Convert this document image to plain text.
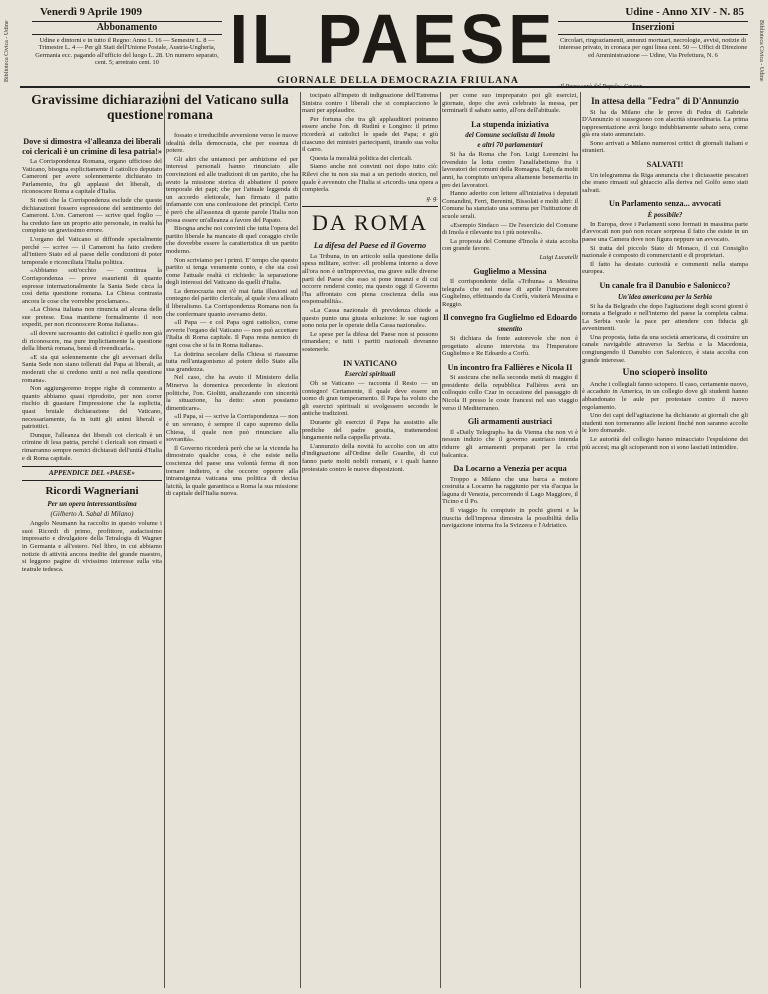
Biblioteca Civica - Udine	Biblioteca Civica - Udine
Venerdì 9 Aprile 1909	Udine - Anno XIV - N. 85
Abbonamento
Udine e dintorni e in tutto il Regno: Anno L. 16 — Semestre L. 8 — Trimestre L. 4 — Per gli Stati dell'Unione Postale, Austria-Ungheria, Germania ecc. pagando all'ufficio del luogo L. 28. Un numero separato, cent. 5; arretrato cent. 10	IL PAESE	Inserzioni
Circolari, ringraziamenti, annunzi mortuari, necrologie, avvisi, notizie di interesse privato, in cronaca per ogni linea cent. 50 — Uffici di Direzione ed Amministrazione — Udine, Via Prefettura, N. 6
GIORNALE DELLA DEMOCRAZIA FRIULANA
«Il Paese sarà del Popolo» Cavour
Dove si dimostra «l'alleanza dei liberali coi clericali è un crimine di lesa patria!»

La Corrispondenza Romana, organo ufficioso del Vaticano, bisogna esplicitamente il cattolico deputato Cameroni per avere solennemente dichiarato in Parlamento, fra gli applausi dei liberali, di riconoscere Roma a capitale d'Italia.

Si noti che la Corrispondenza esclude che queste dichiarazioni fossero espressione del sentimento del Cameroni. L'on. Cameroni — scrive quel foglio — ha creduto fare un proprio atto personale, in realtà ha compiuto un gravissimo errore.

L'organo del Vaticano si diffonde specialmente perché — scrive — il Cameroni ha fatto credere all'intiero Stato ed al paese delle condizioni di poter temporale e riconciliata l'Italia politica.

«Abbiamo sott'occhio — continua la Corrispondenza — prove esaurienti di quanto espresse internazionalmente la Santa Sede circa la così detta questione romana. La Chiesa contrasta ancora le cose che vorrebbe proclamare».

«La Chiesa italiana non rinuncia ad alcuna delle sue pretese. Essa mantiene formalmente il non expedit, per non riconoscere Roma italiana».

«Il dovere sacrosanto dei cattolici è quello non già di riconoscere, ma pure implicitamente la questione della libertà romana, bensì di rivendicarla».

«E sia qui solennemente che gli avversari della Santa Sede non siano tollerati dal Papa ai liberali, ai moderati che si credono uniti a noi nella questione romana».

Non aggiungeremo troppe righe di commento a quanto abbiamo quasi riprodotto, per non correr rischio di guastare l'impressione che la esplicita, quasi brutale dichiarazione del Vaticano, necessariamente, fa in tutti gli animi liberali e patriottici.

Dunque, l'alleanza dei liberali coi clericali è un crimine di lesa patria, perché i clericali son rimasti e rimarranno sempre nemici dichiarati dell'unità d'Italia e di Roma capitale.

APPENDICE DEL «PAESE»
Ricordi Wagneriani
Per un opera interessantissima
(Gilberto A. Sabal di Milano)

Angelo Neumann ha raccolto in questo volume i suoi Ricordi di primo, profittore, audacissimo impresario e divulgatore della Tetralogia di Wagner in Germania e all'estero. Nel libro, in cui abbiamo notizie di attività ancora inedite del grande maestro, si leggono pagine di vivissimo interesse sulla vita teatrale tedesca.

Gravissime dichiarazioni del Vaticano sulla questione romana

fossato e irreducibile avversione verso le nuove idealità della democrazia, che per essenza di potere.

Gli altri che uniamoci per ambizione ed per interessi personali hanno rinunciato alle convinzioni ed alle tradizioni di un partito, che ha avuto la missione storica di abbattere il potere temporale dei papi; che per l'attuale leggenda di un accordo elettorale, han firmato il patto infamante con una confessione dei principî. Certo è però che all'assenza di queste parole l'Italia non possa essere un'alleanza a favore del Papato.

Bisogna anche noi convinti che tutta l'opera del partito liberale ha mancato di quel coraggio civile che dovrebbe essere la caratteristica di un partito moderno.

Non scriviamo per i primi. E' tempo che questo partito si tenga veramente conto, e che sia così come l'attuale realtà ci richiede: la separazione degli interessi del Vaticano da quelli d'Italia.

La democrazia non s'è mai fatta illusioni sul contegno del partito clericale, al quale s'era alleato il liberalismo. La Corrispondenza Romana non fa che confermare quanto avevamo detto.

«Il Papa — e col Papa ogni cattolico, come avverte l'organo del Vaticano — non può accettare l'Italia di Roma capitale. Il Papa resta nemico di ogni cosa che si fa in Roma italiana».

La dottrina secolare della Chiesa si riassume tutta nell'antagonismo al potere dello Stato alla sua grandezza.

Nel caso, che ha avuto il Ministero della Minerva la domenica precedente lo elezioni politiche, l'on. Giolitti, analizzando con sincerità la situazione, ha detto: «non possiamo dimenticare».

«Il Papa, sì — scrive la Corrispondenza — non è un sovrano, è sempre il capo supremo della Chiesa, il quale non può rinunciare alla sovranità».

Il Governo ricorderà però che se la vicenda ha dimostrato qualche cosa, è che esiste nella coscienza del paese una volontà ferma di non tornare indietro, e che occorre opporre alla intransigenza vaticana una politica di decisa laicità, la quale garantisca a Roma la sua missione di capitale dell'Italia nuova.

tocipato all'impeto di indignazione dell'Estrema Sinistra contro i liberali che si compiacciono le mani per applaudire.

Per fortuna che tra gli applauditori potranno essere anche l'on. di Rudinì e Longino: il primo ricorderà ai cattolici le spade dei Papa; e giù ciascuno dei ministri partecipanti, tirando sua volta il carro.

Questa la moralità politica dei clericali.

Siamo anche noi convinti noi dopo tutto ciò: Rilevi che tu non sia mai a un periodo storico, nel quale è avvenuto che l'Italia si «ricordi» una opera a compierla.

g. g.
DA ROMA
La difesa del Paese ed il Governo

La Tribuna, in un articolo sulla questione della spesa militare, scrive: «Il problema intorno a dove all'ora non è un'improvvisa, ma grave sulle diverse parti del Paese che esso si pone innanzi e di cui occorre rendersi conto; ma questo oggi il Governo l'ha affrontato con piena coscienza della sua responsabilità».

«La Cassa nazionale di previdenza chiede a questo punto una giusta soluzione: le sue ragioni sono nota per le operaie della Cassa nazionale».

Le spese per la difesa del Paese non si possono rimandare; e tutti i partiti nazionali dovranno sostenerle.

IN VATICANO
Esercizi spirituali

Oh se Vaticano — racconta il Resto — un contegno! Certamente, il quale deve essere un uomo di gran temperamento. Il Papa ha voluto che gli esercizi spirituali si svolgessero secondo le antiche tradizioni.

Durante gli esercizi il Papa ha assistito alle prediche del padre gesuita, trattenendosi lungamente nella cappella privata.

L'annunzio della novità fu accolto con un atto d'indignazione all'Ordine delle Guardie, di cui fanno parte molti nobili romani, e i quali hanno protestato contro le nuove disposizioni.

per come suo impreparato poi gli esercizi, giornate, dopo che avrà celebrato la messa, per terminarli il sabato santo, all'ora dell'abituale.

La stupenda iniziativa
del Comune socialista di Imola
e altri 70 parlamentari

Si ha da Roma che l'on. Luigi Lorenzini ha rivenduto la lotta contro l'analfabetismo fra i lavoratori dei comuni della Romagna. Egli, da molti anni, ha compiuto un'opera altamente benemerita in pro dei lavoratori.

Hanno aderito con lettere all'iniziativa i deputati Comandini, Ferri, Berenini, Bissolati e molti altri: il Comune ha stanziato una somma per l'istituzione di scuole serali.

«Esempio Sindaco — De l'esercizio del Comune di Imola è rilevante tra i più notevoli».

La proposta del Comune d'Imola è stata accolta con grande favore.

Luigi Lucatelli
Guglielmo a Messina

Il corrispondente della «Tribuna» a Messina telegrafa che nel mese di aprile l'imperatore Guglielmo, effettuando da Corfù, visiterà Messina e Reggio.

Il convegno fra Guglielmo ed Edoardo
smentito

Si dichiara da fonte autorevole che non è progettato alcuno intervista tra l'Imperatore Guglielmo e Re Edoardo a Corfù.

Un incontro fra Fallières e Nicola II

Si assicura che nella seconda metà di maggio il presidente della repubblica Fallières avrà un colloquio collo Czar in occasione del passaggio di Nicola II presso le coste francesi nel suo viaggio verso il Mediterraneo.

Gli armamenti austriaci

Il «Daily Telegraph» ha da Vienna che non vi è nessun indizio che il governo austriaco intenda ridurre gli armamenti preparati per la crisi balcanica.

Da Locarno a Venezia per acqua

Troppo a Milano che una barca a motore costruita a Locarno ha raggiunto per via d'acqua la laguna di Venezia, percorrendo il Lago Maggiore, il Ticino e il Po.

Il viaggio fu compiuto in pochi giorni e la riuscita dell'impresa dimostra la possibilità della navigazione interna fra la Svizzera e l'Adriatico.

In attesa della "Fedra" di D'Annunzio

Si ha da Milano che le prove di Fedra di Gabriele D'Annunzio si susseguono con alacrità straordinaria. La prima rappresentazione avrà luogo indubbiamente sabato sera, come già era stato annunciato.

Sono arrivati a Milano numerosi critici di giornali italiani e stranieri.

SALVATI!

Un telegramma da Riga annuncia che i diciassette pescatori che erano rimasti sul ghiaccio alla deriva nel Golfo sono stati salvati.

Un Parlamento senza... avvocati
È possibile?

In Europa, dove i Parlamenti sono formati in massima parte d'avvocati non può non recare sorpresa il fatto che esiste in un paese una Camera dove non figura neppure un avvocato.

Si tratta del piccolo Stato di Monaco, il cui Consiglio nazionale è composto di commercianti e di proprietari.

Il fatto ha destato curiosità e commenti nella stampa europea.

Un canale fra il Danubio e Salonicco?
Un'idea americana per la Serbia

Si ha da Belgrado che dopo l'agitazione degli scorsi giorni è tornata a Belgrado e nell'interno del paese la completa calma. La Serbia vuole la pace per attendere con fiducia gli avvenimenti.

Una proposta, fatta da una società americana, di costruire un canale navigabile attraverso la Serbia e la Macedonia, congiungendo il Danubio con Salonicco, è stata accolta con grande interesse.

Uno scioperò insolito

Anche i collegiali fanno sciopero. Il caso, certamente nuovo, è accaduto in America, in un collegio dove gli studenti hanno abbandonato le aule per protestare contro il nuovo regolamento.

Uno dei capi dell'agitazione ha dichiarato ai giornali che gli studenti non torneranno alle lezioni finché non saranno accolte le loro domande.

Le autorità del collegio hanno minacciato l'espulsione dei più accesi; ma gli scioperanti non si sono lasciati intimidire.
